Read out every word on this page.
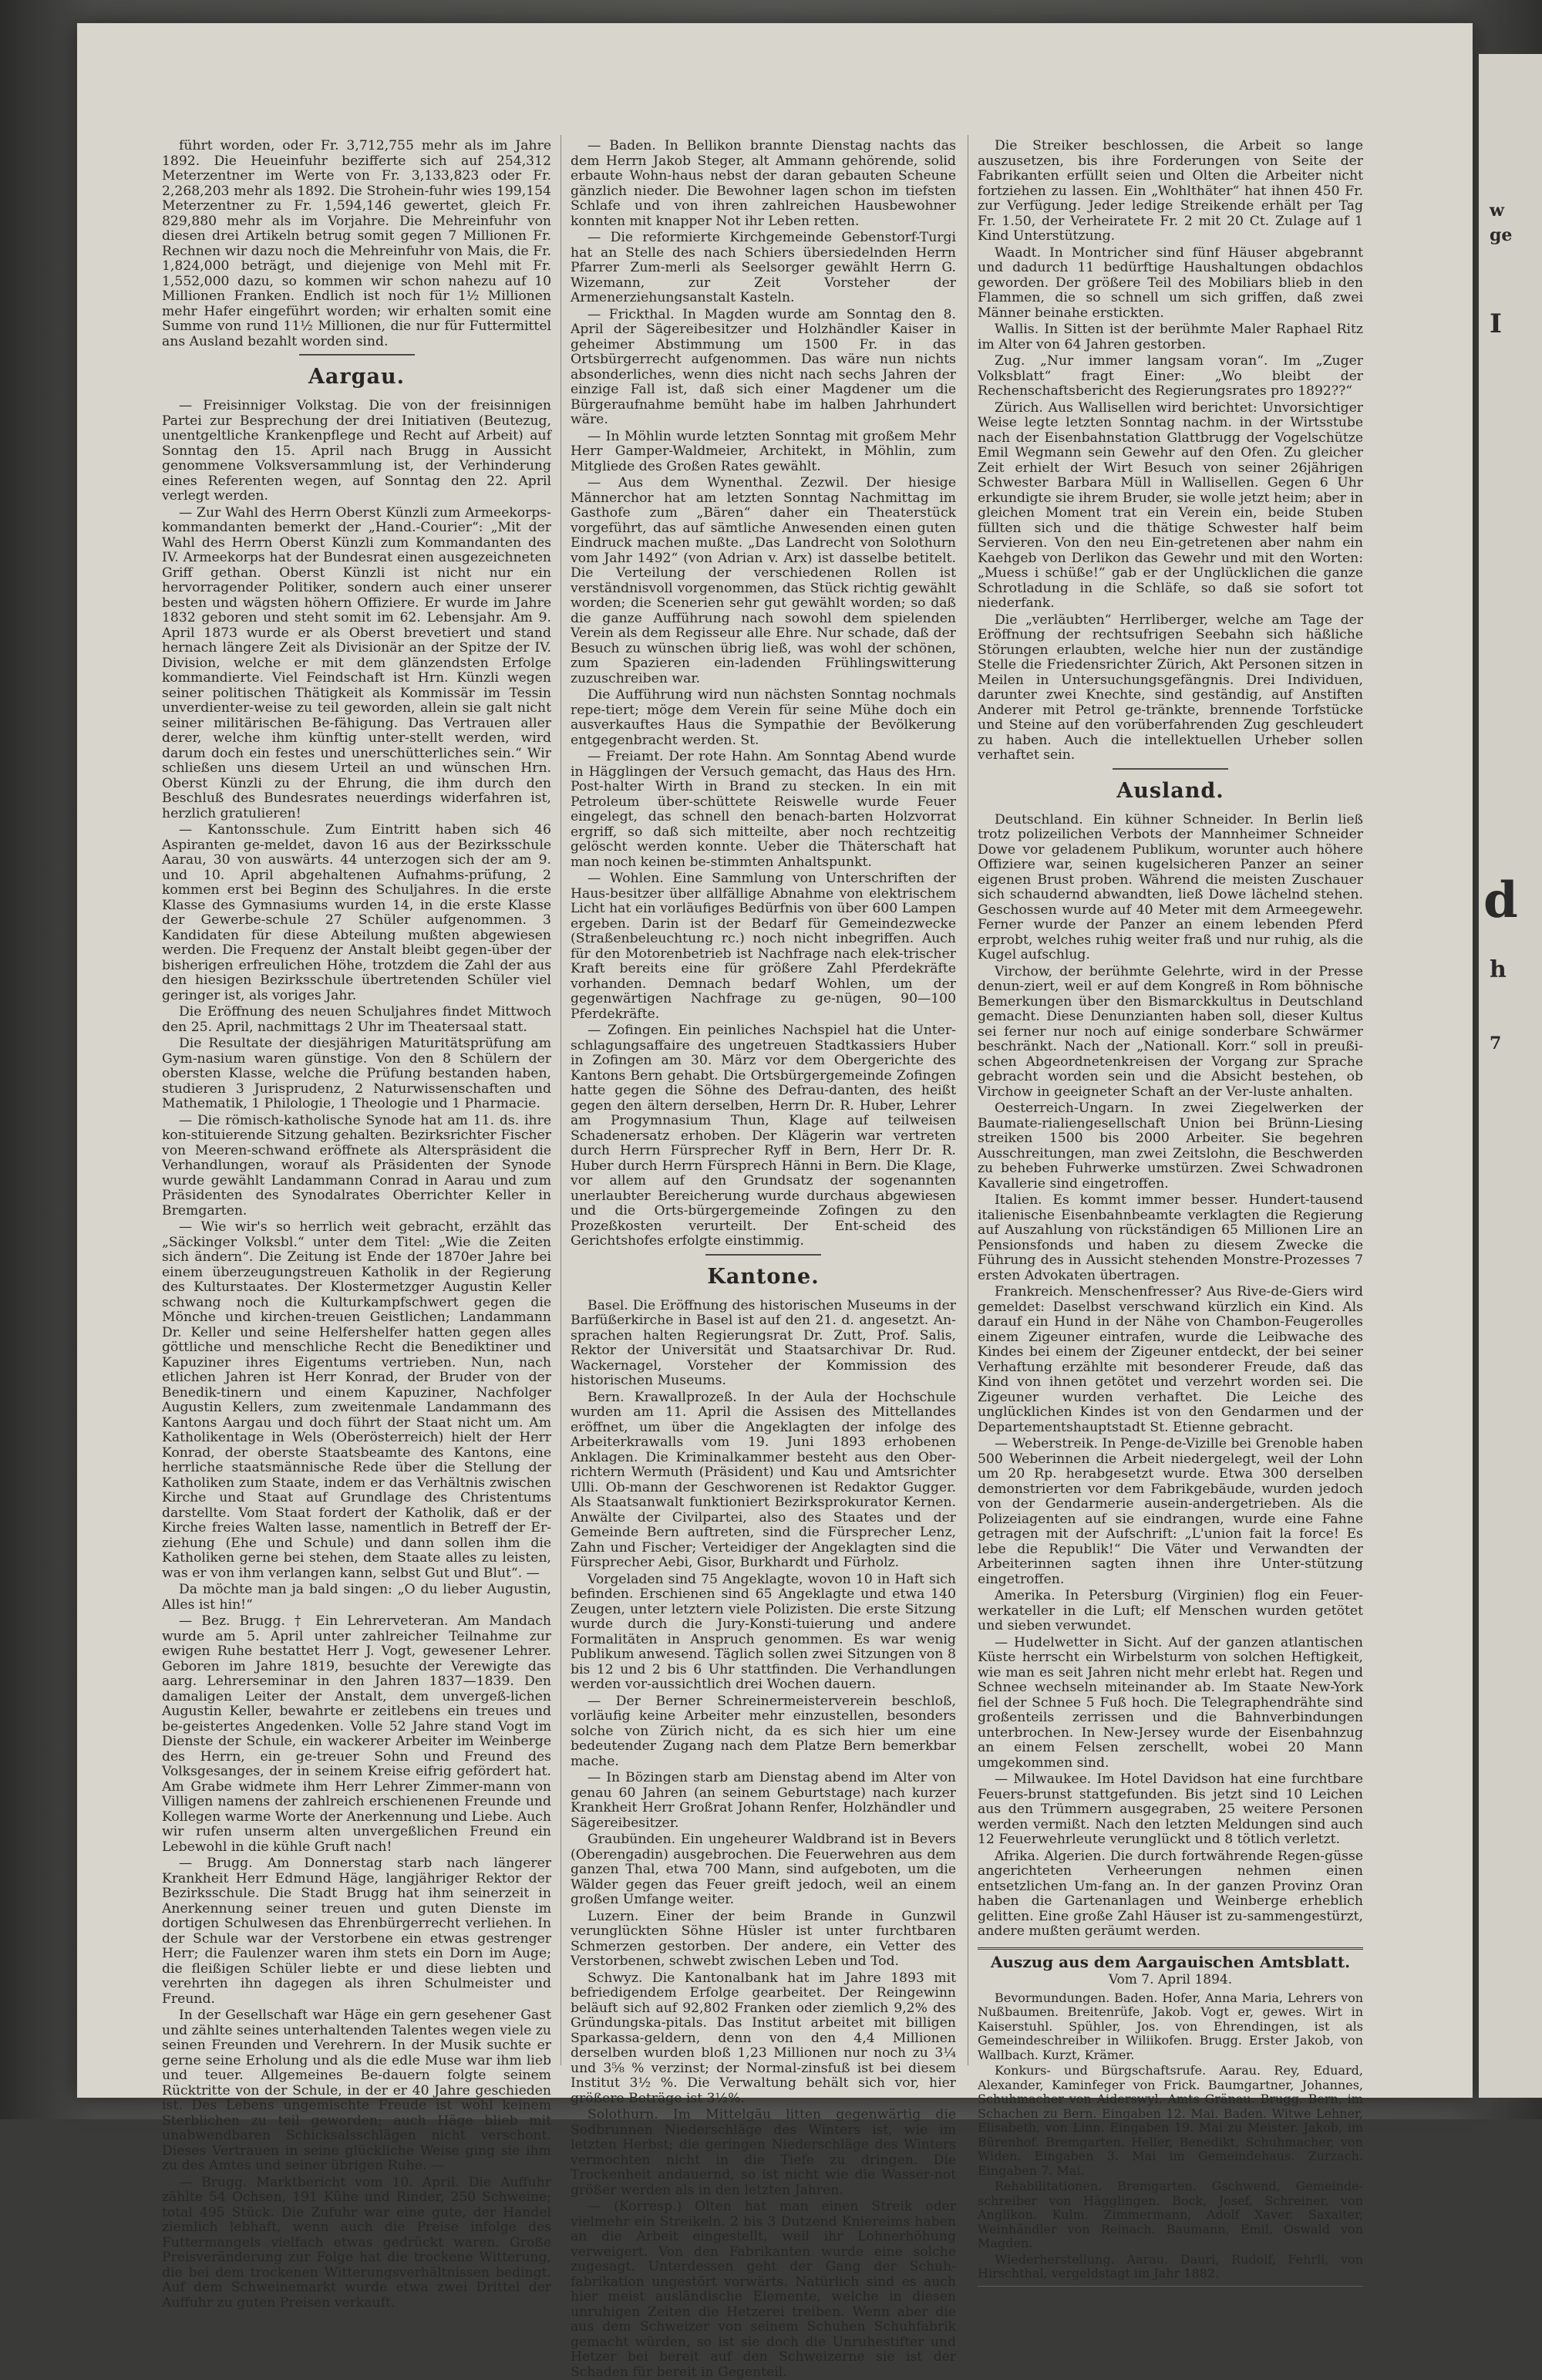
w
ge
I
d
h
7

führt worden, oder Fr. 3,712,755 mehr als im Jahre 1892. Die Heueinfuhr bezifferte sich auf 254,312 Meterzentner im Werte von Fr. 3,133,823 oder Fr. 2,268,203 mehr als 1892. Die Strohein-fuhr wies 199,154 Meterzentner zu Fr. 1,594,146 gewertet, gleich Fr. 829,880 mehr als im Vorjahre. Die Mehreinfuhr von diesen drei Artikeln betrug somit gegen 7 Millionen Fr. Rechnen wir dazu noch die Mehreinfuhr von Mais, die Fr. 1,824,000 beträgt, und diejenige von Mehl mit Fr. 1,552,000 dazu, so kommen wir schon nahezu auf 10 Millionen Franken. Endlich ist noch für 1½ Millionen mehr Hafer eingeführt worden; wir erhalten somit eine Summe von rund 11½ Millionen, die nur für Futtermittel ans Ausland bezahlt worden sind.

Aargau.

— Freisinniger Volkstag. Die von der freisinnigen Partei zur Besprechung der drei Initiativen (Beutezug, unentgeltliche Krankenpflege und Recht auf Arbeit) auf Sonntag den 15. April nach Brugg in Aussicht genommene Volksversammlung ist, der Verhinderung eines Referenten wegen, auf Sonntag den 22. April verlegt werden.

— Zur Wahl des Herrn Oberst Künzli zum Armeekorps-kommandanten bemerkt der „Hand.-Courier“: „Mit der Wahl des Herrn Oberst Künzli zum Kommandanten des IV. Armeekorps hat der Bundesrat einen ausgezeichneten Griff gethan. Oberst Künzli ist nicht nur ein hervorragender Politiker, sondern auch einer unserer besten und wägsten höhern Offiziere. Er wurde im Jahre 1832 geboren und steht somit im 62. Lebensjahr. Am 9. April 1873 wurde er als Oberst brevetiert und stand hernach längere Zeit als Divisionär an der Spitze der IV. Division, welche er mit dem glänzendsten Erfolge kommandierte. Viel Feindschaft ist Hrn. Künzli wegen seiner politischen Thätigkeit als Kommissär im Tessin unverdienter-weise zu teil geworden, allein sie galt nicht seiner militärischen Be-fähigung. Das Vertrauen aller derer, welche ihm künftig unter-stellt werden, wird darum doch ein festes und unerschütterliches sein.“ Wir schließen uns diesem Urteil an und wünschen Hrn. Oberst Künzli zu der Ehrung, die ihm durch den Beschluß des Bundesrates neuerdings widerfahren ist, herzlich gratulieren!

— Kantonsschule. Zum Eintritt haben sich 46 Aspiranten ge-meldet, davon 16 aus der Bezirksschule Aarau, 30 von auswärts. 44 unterzogen sich der am 9. und 10. April abgehaltenen Aufnahms-prüfung, 2 kommen erst bei Beginn des Schuljahres. In die erste Klasse des Gymnasiums wurden 14, in die erste Klasse der Gewerbe-schule 27 Schüler aufgenommen. 3 Kandidaten für diese Abteilung mußten abgewiesen werden. Die Frequenz der Anstalt bleibt gegen-über der bisherigen erfreulichen Höhe, trotzdem die Zahl der aus den hiesigen Bezirksschule übertretenden Schüler viel geringer ist, als voriges Jahr.

Die Eröffnung des neuen Schuljahres findet Mittwoch den 25. April, nachmittags 2 Uhr im Theatersaal statt.

Die Resultate der diesjährigen Maturitätsprüfung am Gym-nasium waren günstige. Von den 8 Schülern der obersten Klasse, welche die Prüfung bestanden haben, studieren 3 Jurisprudenz, 2 Naturwissenschaften und Mathematik, 1 Philologie, 1 Theologie und 1 Pharmacie.

— Die römisch-katholische Synode hat am 11. ds. ihre kon-stituierende Sitzung gehalten. Bezirksrichter Fischer von Meeren-schwand eröffnete als Alterspräsident die Verhandlungen, worauf als Präsidenten der Synode wurde gewählt Landammann Conrad in Aarau und zum Präsidenten des Synodalrates Oberrichter Keller in Bremgarten.

— Wie wir's so herrlich weit gebracht, erzählt das „Säckinger Volksbl.“ unter dem Titel: „Wie die Zeiten sich ändern“. Die Zeitung ist Ende der 1870er Jahre bei einem überzeugungstreuen Katholik in der Regierung des Kulturstaates. Der Klostermetzger Augustin Keller schwang noch die Kulturkampfschwert gegen die Mönche und kirchen-treuen Geistlichen; Landammann Dr. Keller und seine Helfershelfer hatten gegen alles göttliche und menschliche Recht die Benediktiner und Kapuziner ihres Eigentums vertrieben. Nun, nach etlichen Jahren ist Herr Konrad, der Bruder von der Benedik-tinern und einem Kapuziner, Nachfolger Augustin Kellers, zum zweitenmale Landammann des Kantons Aargau und doch führt der Staat nicht um. Am Katholikentage in Wels (Oberösterreich) hielt der Herr Konrad, der oberste Staatsbeamte des Kantons, eine herrliche staatsmännische Rede über die Stellung der Katholiken zum Staate, indem er das Verhältnis zwischen Kirche und Staat auf Grundlage des Christentums darstellte. Vom Staat fordert der Katholik, daß er der Kirche freies Walten lasse, namentlich in Betreff der Er-ziehung (Ehe und Schule) und dann sollen ihm die Katholiken gerne bei stehen, dem Staate alles zu leisten, was er von ihm verlangen kann, selbst Gut und Blut“. —

Da möchte man ja bald singen: „O du lieber Augustin, Alles ist hin!“

— Bez. Brugg. † Ein Lehrerveteran. Am Mandach wurde am 5. April unter zahlreicher Teilnahme zur ewigen Ruhe bestattet Herr J. Vogt, gewesener Lehrer. Geboren im Jahre 1819, besuchte der Verewigte das aarg. Lehrerseminar in den Jahren 1837—1839. Den damaligen Leiter der Anstalt, dem unvergeß-lichen Augustin Keller, bewahrte er zeitlebens ein treues und be-geistertes Angedenken. Volle 52 Jahre stand Vogt im Dienste der Schule, ein wackerer Arbeiter im Weinberge des Herrn, ein ge-treuer Sohn und Freund des Volksgesanges, der in seinem Kreise eifrig gefördert hat. Am Grabe widmete ihm Herr Lehrer Zimmer-mann von Villigen namens der zahlreich erschienenen Freunde und Kollegen warme Worte der Anerkennung und Liebe. Auch wir rufen unserm alten unvergeßlichen Freund ein Lebewohl in die kühle Gruft nach!

— Brugg. Am Donnerstag starb nach längerer Krankheit Herr Edmund Häge, langjähriger Rektor der Bezirksschule. Die Stadt Brugg hat ihm seinerzeit in Anerkennung seiner treuen und guten Dienste im dortigen Schulwesen das Ehrenbürgerrecht verliehen. In der Schule war der Verstorbene ein etwas gestrenger Herr; die Faulenzer waren ihm stets ein Dorn im Auge; die fleißigen Schüler liebte er und diese liebten und verehrten ihn dagegen als ihren Schulmeister und Freund.

In der Gesellschaft war Häge ein gern gesehener Gast und zählte seines unterhaltenden Talentes wegen viele zu seinen Freunden und Verehrern. In der Musik suchte er gerne seine Erholung und als die edle Muse war ihm lieb und teuer. Allgemeines Be-dauern folgte seinem Rücktritte von der Schule, in der er 40 Jahre geschieden ist. Des Lebens ungemischte Freude ist wohl keinem Sterblichen zu teil geworden; auch Häge blieb mit unabwendbaren Schicksalsschlägen nicht verschont. Dieses Vertrauen in seine glückliche Weise ging sie ihm zu des Amtes und seiner übrigen Ruhe. —

— Brugg. Marktbericht vom 10. April. Die Auffuhr zählte 54 Ochsen, 191 Kühe und Rinder, 250 Schweine; total 495 Stück. Die Zufuhr war eine gute, der Handel ziemlich lebhaft, wenn auch die Preise infolge des Futtermangels vielfach etwas gedrückt waren. Große Preisveränderung zur Folge hat die trockene Witterung, die bei dem trockenen Witterungsverhältnissen bedingt. Auf dem Schweinemarkt wurde etwa zwei Drittel der Auffuhr zu guten Preisen verkauft.

— Baden. In Bellikon brannte Dienstag nachts das dem Herrn Jakob Steger, alt Ammann gehörende, solid erbaute Wohn-haus nebst der daran gebauten Scheune gänzlich nieder. Die Bewohner lagen schon im tiefsten Schlafe und von ihren zahlreichen Hausbewohner konnten mit knapper Not ihr Leben retten.

— Die reformierte Kirchgemeinde Gebenstorf-Turgi hat an Stelle des nach Schiers übersiedelnden Herrn Pfarrer Zum-merli als Seelsorger gewählt Herrn G. Wizemann, zur Zeit Vorsteher der Armenerziehungsanstalt Kasteln.

— Frickthal. In Magden wurde am Sonntag den 8. April der Sägereibesitzer und Holzhändler Kaiser in geheimer Abstimmung um 1500 Fr. in das Ortsbürgerrecht aufgenommen. Das wäre nun nichts absonderliches, wenn dies nicht nach sechs Jahren der einzige Fall ist, daß sich einer Magdener um die Bürgeraufnahme bemüht habe im halben Jahrhundert wäre.

— In Möhlin wurde letzten Sonntag mit großem Mehr Herr Gamper-Waldmeier, Architekt, in Möhlin, zum Mitgliede des Großen Rates gewählt.

— Aus dem Wynenthal. Zezwil. Der hiesige Männerchor hat am letzten Sonntag Nachmittag im Gasthofe zum „Bären“ daher ein Theaterstück vorgeführt, das auf sämtliche Anwesenden einen guten Eindruck machen mußte. „Das Landrecht von Solothurn vom Jahr 1492“ (von Adrian v. Arx) ist dasselbe betitelt. Die Verteilung der verschiedenen Rollen ist verständnisvoll vorgenommen, das Stück richtig gewählt worden; die Scenerien sehr gut gewählt worden; so daß die ganze Aufführung nach sowohl dem spielenden Verein als dem Regisseur alle Ehre. Nur schade, daß der Besuch zu wünschen übrig ließ, was wohl der schönen, zum Spazieren ein-ladenden Frühlingswitterung zuzuschreiben war.

Die Aufführung wird nun nächsten Sonntag nochmals repe-tiert; möge dem Verein für seine Mühe doch ein ausverkauftes Haus die Sympathie der Bevölkerung entgegenbracht werden. St.

— Freiamt. Der rote Hahn. Am Sonntag Abend wurde in Hägglingen der Versuch gemacht, das Haus des Hrn. Post-halter Wirth in Brand zu stecken. In ein mit Petroleum über-schüttete Reiswelle wurde Feuer eingelegt, das schnell den benach-barten Holzvorrat ergriff, so daß sich mitteilte, aber noch rechtzeitig gelöscht werden konnte. Ueber die Thäterschaft hat man noch keinen be-stimmten Anhaltspunkt.

— Wohlen. Eine Sammlung von Unterschriften der Haus-besitzer über allfällige Abnahme von elektrischem Licht hat ein vorläufiges Bedürfnis von über 600 Lampen ergeben. Darin ist der Bedarf für Gemeindezwecke (Straßenbeleuchtung rc.) noch nicht inbegriffen. Auch für den Motorenbetrieb ist Nachfrage nach elek-trischer Kraft bereits eine für größere Zahl Pferdekräfte vorhanden. Demnach bedarf Wohlen, um der gegenwärtigen Nachfrage zu ge-nügen, 90—100 Pferdekräfte.

— Zofingen. Ein peinliches Nachspiel hat die Unter-schlagungsaffaire des ungetreuen Stadtkassiers Huber in Zofingen am 30. März vor dem Obergerichte des Kantons Bern gehabt. Die Ortsbürgergemeinde Zofingen hatte gegen die Söhne des Defrau-danten, des heißt gegen den ältern derselben, Herrn Dr. R. Huber, Lehrer am Progymnasium Thun, Klage auf teilweisen Schadenersatz erhoben. Der Klägerin war vertreten durch Herrn Fürsprecher Ryff in Bern, Herr Dr. R. Huber durch Herrn Fürsprech Hänni in Bern. Die Klage, vor allem auf den Grundsatz der sogenannten unerlaubter Bereicherung wurde durchaus abgewiesen und die Orts-bürgergemeinde Zofingen zu den Prozeßkosten verurteilt. Der Ent-scheid des Gerichtshofes erfolgte einstimmig.

Kantone.

Basel. Die Eröffnung des historischen Museums in der Barfüßerkirche in Basel ist auf den 21. d. angesetzt. An-sprachen halten Regierungsrat Dr. Zutt, Prof. Salis, Rektor der Universität und Staatsarchivar Dr. Rud. Wackernagel, Vorsteher der Kommission des historischen Museums.

Bern. Krawallprozeß. In der Aula der Hochschule wurden am 11. April die Assisen des Mittellandes eröffnet, um über die Angeklagten der infolge des Arbeiterkrawalls vom 19. Juni 1893 erhobenen Anklagen. Die Kriminalkammer besteht aus den Ober-richtern Wermuth (Präsident) und Kau und Amtsrichter Ulli. Ob-mann der Geschworenen ist Redaktor Gugger. Als Staatsanwalt funktioniert Bezirksprokurator Kernen. Anwälte der Civilpartei, also des Staates und der Gemeinde Bern auftreten, sind die Fürsprecher Lenz, Zahn und Fischer; Verteidiger der Angeklagten sind die Fürsprecher Aebi, Gisor, Burkhardt und Fürholz.

Vorgeladen sind 75 Angeklagte, wovon 10 in Haft sich befinden. Erschienen sind 65 Angeklagte und etwa 140 Zeugen, unter letztern viele Polizisten. Die erste Sitzung wurde durch die Jury-Konsti-tuierung und andere Formalitäten in Anspruch genommen. Es war wenig Publikum anwesend. Täglich sollen zwei Sitzungen von 8 bis 12 und 2 bis 6 Uhr stattfinden. Die Verhandlungen werden vor-aussichtlich drei Wochen dauern.

— Der Berner Schreinermeisterverein beschloß, vorläufig keine Arbeiter mehr einzustellen, besonders solche von Zürich nicht, da es sich hier um eine bedeutender Zugang nach dem Platze Bern bemerkbar mache.

— In Bözingen starb am Dienstag abend im Alter von genau 60 Jahren (an seinem Geburtstage) nach kurzer Krankheit Herr Großrat Johann Renfer, Holzhändler und Sägereibesitzer.

Graubünden. Ein ungeheurer Waldbrand ist in Bevers (Oberengadin) ausgebrochen. Die Feuerwehren aus dem ganzen Thal, etwa 700 Mann, sind aufgeboten, um die Wälder gegen das Feuer greift jedoch, weil an einem großen Umfange weiter.

Luzern. Einer der beim Brande in Gunzwil verunglückten Söhne Hüsler ist unter furchtbaren Schmerzen gestorben. Der andere, ein Vetter des Verstorbenen, schwebt zwischen Leben und Tod.

Schwyz. Die Kantonalbank hat im Jahre 1893 mit befriedigendem Erfolge gearbeitet. Der Reingewinn beläuft sich auf 92,802 Franken oder ziemlich 9,2% des Gründungska-pitals. Das Institut arbeitet mit billigen Sparkassa-geldern, denn von den 4,4 Millionen derselben wurden bloß 1,23 Millionen nur noch zu 3¼ und 3⅝ % verzinst; der Normal-zinsfuß ist bei diesem Institut 3½ %. Die Verwaltung behält sich vor, hier größere Beträge ist 3½%.

Solothurn. Im Mittelgäu litten gegenwärtig die Sodbrunnen Niederschläge des Winters ist, wie im letzten Herbst; die geringen Niederschläge des Winters vermochten nicht in die Tiefe zu dringen. Die Trockenheit andauernd, so ist nicht wie die Wasser-not größer werden als in den letzten Jahren.

— (Korresp.) Olten hat man einen Streik oder vielmehr ein Streikeln. 2 bis 3 Dutzend Kniereims haben an die Arbeit eingestellt, weil ihr Lohnerhöhung verweigert. Von den Fabrikanten wurde eine solche zugesagt. Unterdessen geht der Gang der Schuh-fabrikation ungestört vorwärts. Natürlich sind es auch hier meist ausländische Elemente, welche in diesen unruhigen Zeiten die Hetzerei treiben. Wenn aber die aus dem Schweizer von seinem Schuhen Schuhfabrik gemacht würden, so ist sie doch die Unruhestifter und Hetzer bei bereit auf den Schweizerne sie ist der Schaden für bereit in Gegenteil.

Die Streiker beschlossen, die Arbeit so lange auszusetzen, bis ihre Forderungen von Seite der Fabrikanten erfüllt seien und Olten die Arbeiter nicht fortziehen zu lassen. Ein „Wohlthäter“ hat ihnen 450 Fr. zur Verfügung. Jeder ledige Streikende erhält per Tag Fr. 1.50, der Verheiratete Fr. 2 mit 20 Ct. Zulage auf 1 Kind Unterstützung.

Waadt. In Montricher sind fünf Häuser abgebrannt und dadurch 11 bedürftige Haushaltungen obdachlos geworden. Der größere Teil des Mobiliars blieb in den Flammen, die so schnell um sich griffen, daß zwei Männer beinahe erstickten.

Wallis. In Sitten ist der berühmte Maler Raphael Ritz im Alter von 64 Jahren gestorben.

Zug. „Nur immer langsam voran“. Im „Zuger Volksblatt“ fragt Einer: „Wo bleibt der Rechenschaftsbericht des Regierungsrates pro 1892??“

Zürich. Aus Wallisellen wird berichtet: Unvorsichtiger Weise legte letzten Sonntag nachm. in der Wirtsstube nach der Eisenbahnstation Glattbrugg der Vogelschütze Emil Wegmann sein Gewehr auf den Ofen. Zu gleicher Zeit erhielt der Wirt Besuch von seiner 26jährigen Schwester Barbara Müll in Wallisellen. Gegen 6 Uhr erkundigte sie ihrem Bruder, sie wolle jetzt heim; aber in gleichen Moment trat ein Verein ein, beide Stuben füllten sich und die thätige Schwester half beim Servieren. Von den neu Ein-getretenen aber nahm ein Kaehgeb von Derlikon das Gewehr und mit den Worten: „Muess i schüße!“ gab er der Unglücklichen die ganze Schrotladung in die Schläfe, so daß sie sofort tot niederfank.

Die „verläubten“ Herrliberger, welche am Tage der Eröffnung der rechtsufrigen Seebahn sich häßliche Störungen erlaubten, welche hier nun der zuständige Stelle die Friedensrichter Zürich, Akt Personen sitzen in Meilen in Untersuchungsgefängnis. Drei Individuen, darunter zwei Knechte, sind geständig, auf Anstiften Anderer mit Petrol ge-tränkte, brennende Torfstücke und Steine auf den vorüberfahrenden Zug geschleudert zu haben. Auch die intellektuellen Urheber sollen verhaftet sein.

Ausland.

Deutschland. Ein kühner Schneider. In Berlin ließ trotz polizeilichen Verbots der Mannheimer Schneider Dowe vor geladenem Publikum, worunter auch höhere Offiziere war, seinen kugelsicheren Panzer an seiner eigenen Brust proben. Während die meisten Zuschauer sich schaudernd abwandten, ließ Dowe lächelnd stehen. Geschossen wurde auf 40 Meter mit dem Armeegewehr. Ferner wurde der Panzer an einem lebenden Pferd erprobt, welches ruhig weiter fraß und nur ruhig, als die Kugel aufschlug.

Virchow, der berühmte Gelehrte, wird in der Presse denun-ziert, weil er auf dem Kongreß in Rom böhnische Bemerkungen über den Bismarckkultus in Deutschland gemacht. Diese Denunzianten haben soll, dieser Kultus sei ferner nur noch auf einige sonderbare Schwärmer beschränkt. Nach der „Nationall. Korr.“ soll in preußi-schen Abgeordnetenkreisen der Vorgang zur Sprache gebracht worden sein und die Absicht bestehen, ob Virchow in geeigneter Schaft an der Ver-luste anhalten.

Oesterreich-Ungarn. In zwei Ziegelwerken der Baumate-rialiengesellschaft Union bei Brünn-Liesing streiken 1500 bis 2000 Arbeiter. Sie begehren Ausschreitungen, man zwei Zeitslohn, die Beschwerden zu beheben Fuhrwerke umstürzen. Zwei Schwadronen Kavallerie sind eingetroffen.

Italien. Es kommt immer besser. Hundert-tausend italienische Eisenbahnbeamte verklagten die Regierung auf Auszahlung von rückständigen 65 Millionen Lire an Pensionsfonds und haben zu diesem Zwecke die Führung des in Aussicht stehenden Monstre-Prozesses 7 ersten Advokaten übertragen.

Frankreich. Menschenfresser? Aus Rive-de-Giers wird gemeldet: Daselbst verschwand kürzlich ein Kind. Als darauf ein Hund in der Nähe von Chambon-Feugerolles einem Zigeuner eintrafen, wurde die Leibwache des Kindes bei einem der Zigeuner entdeckt, der bei seiner Verhaftung erzählte mit besonderer Freude, daß das Kind von ihnen getötet und verzehrt worden sei. Die Zigeuner wurden verhaftet. Die Leiche des unglücklichen Kindes ist von den Gendarmen und der Departementshauptstadt St. Etienne gebracht.

— Weberstreik. In Penge-de-Vizille bei Grenoble haben 500 Weberinnen die Arbeit niedergelegt, weil der Lohn um 20 Rp. herabgesetzt wurde. Etwa 300 derselben demonstrierten vor dem Fabrikgebäude, wurden jedoch von der Gendarmerie ausein-andergetrieben. Als die Polizeiagenten auf sie eindrangen, wurde eine Fahne getragen mit der Aufschrift: „L'union fait la force! Es lebe die Republik!“ Die Väter und Verwandten der Arbeiterinnen sagten ihnen ihre Unter-stützung eingetroffen.

Amerika. In Petersburg (Virginien) flog ein Feuer-werkateller in die Luft; elf Menschen wurden getötet und sieben verwundet.

— Hudelwetter in Sicht. Auf der ganzen atlantischen Küste herrscht ein Wirbelsturm von solchen Heftigkeit, wie man es seit Jahren nicht mehr erlebt hat. Regen und Schnee wechseln miteinander ab. Im Staate New-York fiel der Schnee 5 Fuß hoch. Die Telegraphendrähte sind großenteils zerrissen und die Bahnverbindungen unterbrochen. In New-Jersey wurde der Eisenbahnzug an einem Felsen zerschellt, wobei 20 Mann umgekommen sind.

— Milwaukee. Im Hotel Davidson hat eine furchtbare Feuers-brunst stattgefunden. Bis jetzt sind 10 Leichen aus den Trümmern ausgegraben, 25 weitere Personen werden vermißt. Nach den letzten Meldungen sind auch 12 Feuerwehrleute verunglückt und 8 tötlich verletzt.

Afrika. Algerien. Die durch fortwährende Regen-güsse angerichteten Verheerungen nehmen einen entsetzlichen Um-fang an. In der ganzen Provinz Oran haben die Gartenanlagen und Weinberge erheblich gelitten. Eine große Zahl Häuser ist zu-sammengestürzt, andere mußten geräumt werden.

Auszug aus dem Aargauischen Amtsblatt.
Vom 7. April 1894.

Bevormundungen. Baden. Hofer, Anna Maria, Lehrers von Nußbaumen. Breitenrüfe, Jakob. Vogt er, gewes. Wirt in Kaiserstuhl. Spühler, Jos. von Ehrendingen, ist als Gemeindeschreiber in Wiliikofen. Brugg. Erster Jakob, von Wallbach. Kurzt, Krämer.

Konkurs- und Bürgschaftsrufe. Aarau. Rey, Eduard, Alexander, Kaminfeger von Frick. Baumgartner, Johannes, Schuhmacher von Aiderswyl. Amts Gränau. Brugg. Bern, im Schachen zu Bern. Eingaben 12. Mai. Baden. Witwe Lehner, Elisabeth, von Linn. Eingaben 19. Mai zu Meister. Jakob, im Bürenhof. Bremgarten. Heller, Benedikt, Schuhmacher, von Widen. Eingaben 3. Mai im Gemeindehaus. Zurzach. Eingaben 7. Mai.

Rehabilitationen. Bremgarten. Gschwend, Gemeinde-schreiber von Hägglingen. Bock, Josef, Schreiner, von Anglikon. Kulm. Zimmermann, Adolf Xaver. Saxaiter, Weinhändler von Reinach. Baumann, Emil, Oswald von Magden.

Wiederherstellung. Aarau. Dauri, Rudolf, Fehrli, von Hirschthal, vergeldstagt im Jahr 1882.
